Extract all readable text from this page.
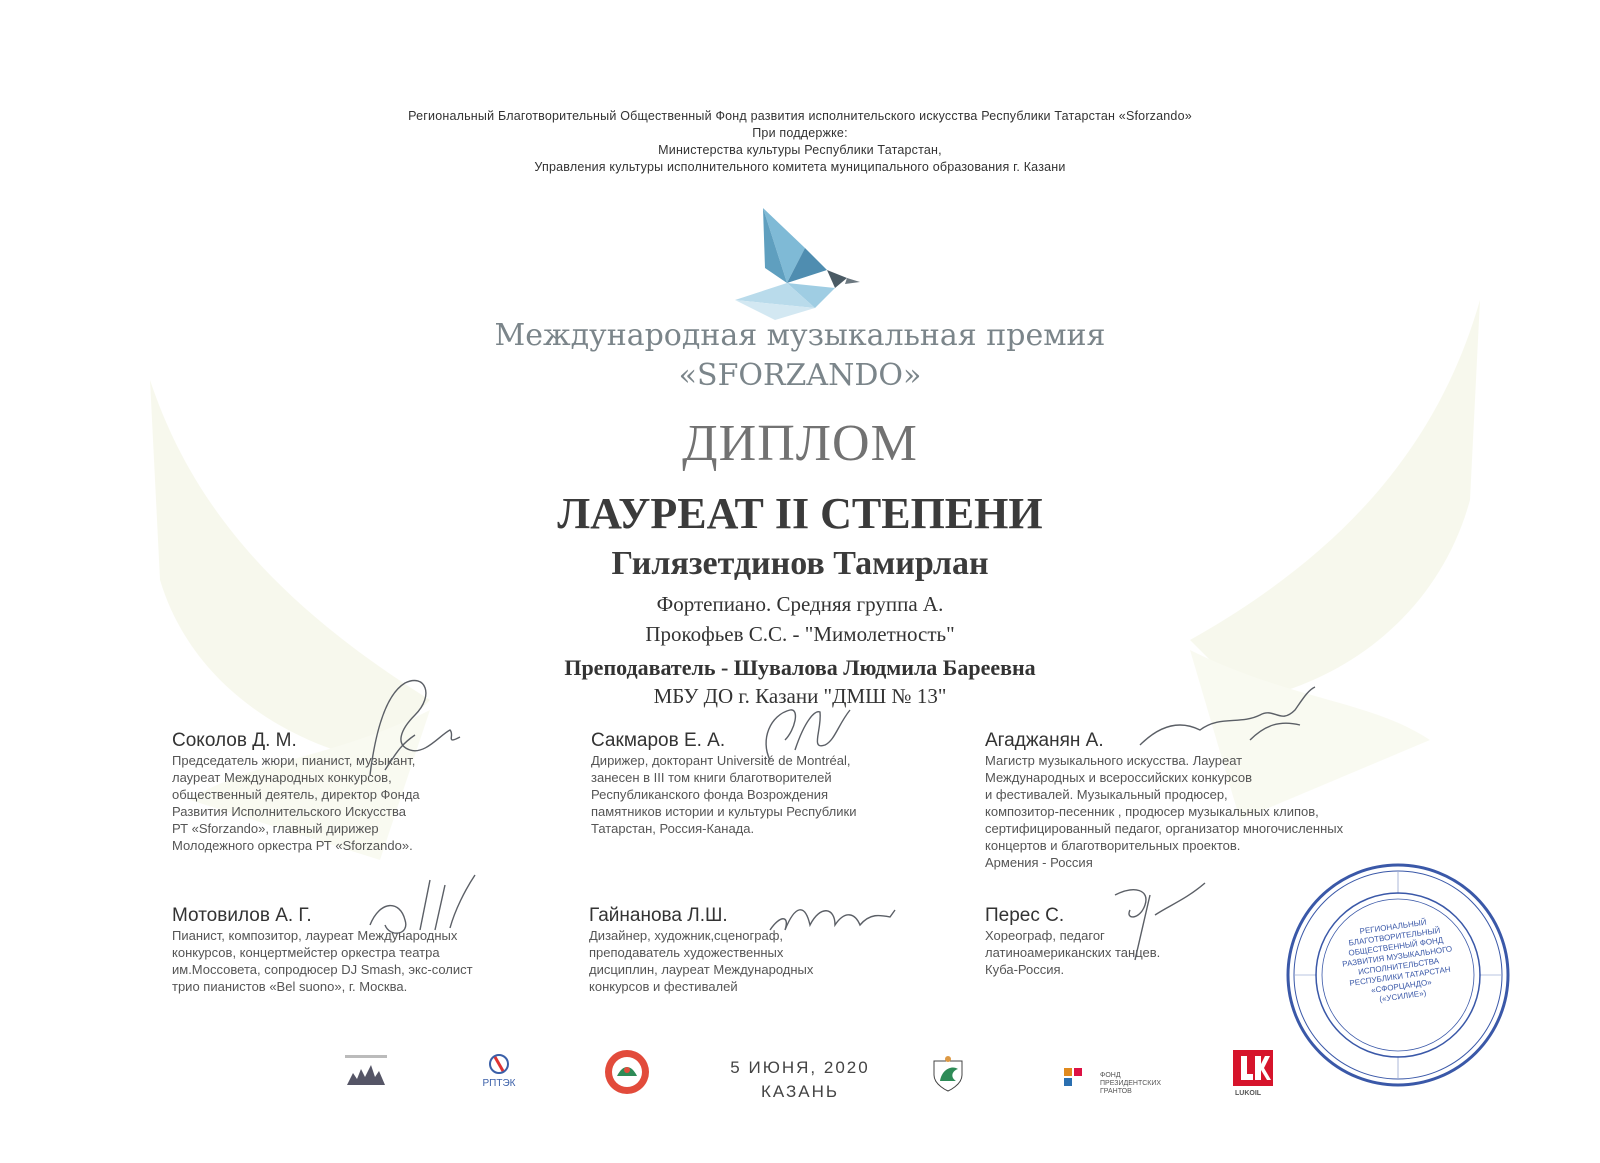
Региональный Благотворительный Общественный Фонд развития исполнительского искусства Республики Татарстан «Sforzando»
При поддержке:
Министерства культуры Республики Татарстан,
Управления культуры исполнительного комитета муниципального образования г. Казани
Международная музыкальная премия
«SFORZANDO»
ДИПЛОМ
ЛАУРЕАТ II СТЕПЕНИ
Гилязетдинов Тамирлан
Фортепиано. Средняя группа А.
Прокофьев С.С. - "Мимолетность"
Преподаватель - Шувалова Людмила Бареевна
МБУ ДО г. Казани "ДМШ № 13"
Соколов Д. М.
Председатель жюри, пианист, музыкант,
лауреат Международных конкурсов,
общественный деятель, директор Фонда
Развития Исполнительского Искусства
РТ «Sforzando», главный дирижер
Молодежного оркестра РТ «Sforzando».
Сакмаров Е. А.
Дирижер, докторант Université de Montréal,
занесен в III том книги благотворителей
Республиканского фонда Возрождения
памятников истории и культуры Республики
Татарстан, Россия-Канада.
Агаджанян А.
Магистр музыкального искусства. Лауреат
Международных и всероссийских конкурсов
и фестивалей. Музыкальный продюсер,
композитор-песенник , продюсер музыкальных клипов,
сертифицированный педагог, организатор многочисленных
концертов и благотворительных проектов.
Армения - Россия
Мотовилов А. Г.
Пианист, композитор, лауреат Международных
конкурсов, концертмейстер оркестра театра
им.Моссовета, сопродюсер DJ Smash, экс-солист
трио пианистов «Bel suono», г. Москва.
Гайнанова Л.Ш.
Дизайнер, художник,сценограф,
преподаватель художественных
дисциплин, лауреат Международных
конкурсов и фестивалей
Перес С.
Хореограф, педагог
латиноамериканских танцев.
Куба-Россия.
РЕГИОНАЛЬНЫЙ
БЛАГОТВОРИТЕЛЬНЫЙ
ОБЩЕСТВЕННЫЙ ФОНД
РАЗВИТИЯ МУЗЫКАЛЬНОГО
ИСПОЛНИТЕЛЬСТВА
РЕСПУБЛИКИ ТАТАРСТАН
«СФОРЦАНДО»
(«УСИЛИЕ»)
РПТЭК
ФОНД
ПРЕЗИДЕНТСКИХ
ГРАНТОВ	LUKOIL
5 ИЮНЯ, 2020
КАЗАНЬ
